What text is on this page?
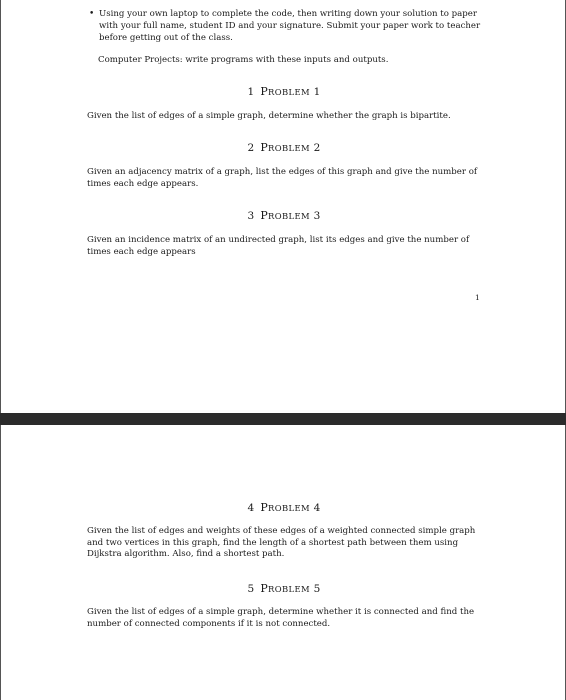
• Using your own laptop to complete the code, then writing down your solution to paper with your full name, student ID and your signature. Submit your paper work to teacher before getting out of the class.
Computer Projects: write programs with these inputs and outputs.
1 PROBLEM 1
Given the list of edges of a simple graph, determine whether the graph is bipartite.
2 PROBLEM 2
Given an adjacency matrix of a graph, list the edges of this graph and give the number of times each edge appears.
3 PROBLEM 3
Given an incidence matrix of an undirected graph, list its edges and give the number of times each edge appears
1
4 PROBLEM 4
Given the list of edges and weights of these edges of a weighted connected simple graph and two vertices in this graph, find the length of a shortest path between them using Dijkstra algorithm. Also, find a shortest path.
5 PROBLEM 5
Given the list of edges of a simple graph, determine whether it is connected and find the number of connected components if it is not connected.
